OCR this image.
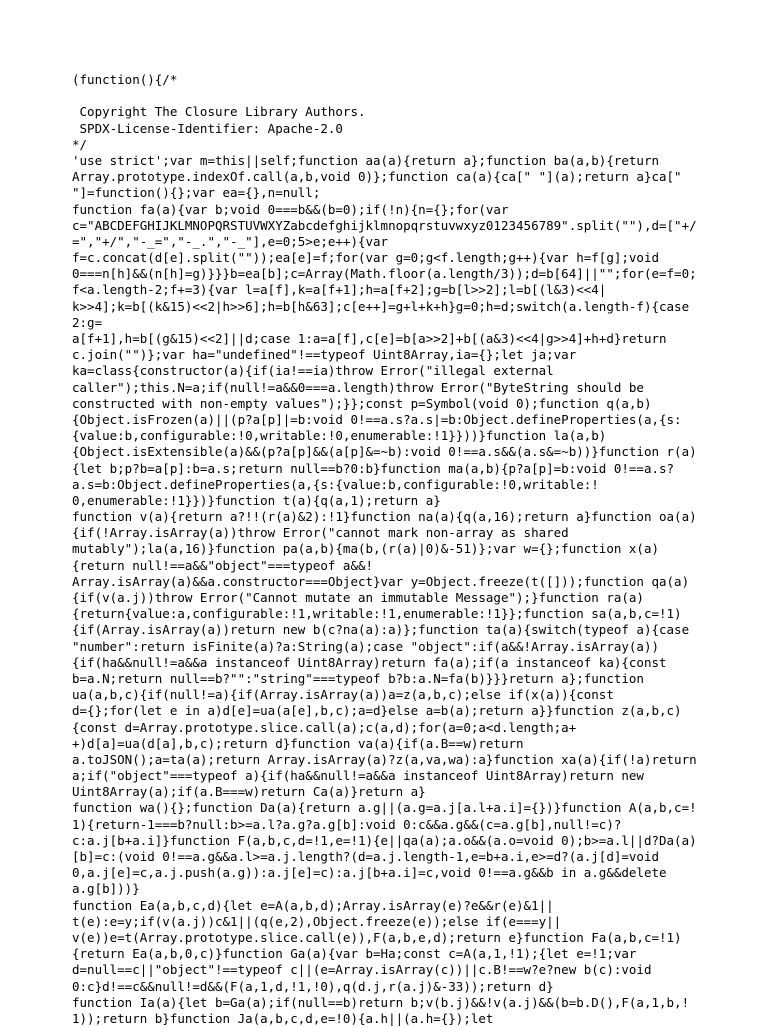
(function(){/*
Copyright The Closure Library Authors.
SPDX-License-Identifier: Apache-2.0
*/
'use strict';var m=this||self;function aa(a){return a};function ba(a,b){return
Array.prototype.indexOf.call(a,b,void 0)};function ca(a){ca[" "](a);return a}ca["
"]=function(){};var ea={},n=null;
function fa(a){var b;void 0===b&&(b=0);if(!n){n={};for(var
c="ABCDEFGHIJKLMNOPQRSTUVWXYZabcdefghijklmnopqrstuvwxyz0123456789".split(""),d=["+/
=","+/","-_=","-_.","-_"],e=0;5>e;e++){var
f=c.concat(d[e].split(""));ea[e]=f;for(var g=0;g<f.length;g++){var h=f[g];void
0===n[h]&&(n[h]=g)}}}b=ea[b];c=Array(Math.floor(a.length/3));d=b[64]||"";for(e=f=0;
f<a.length-2;f+=3){var l=a[f],k=a[f+1];h=a[f+2];g=b[l>>2];l=b[(l&3)<<4|
k>>4];k=b[(k&15)<<2|h>>6];h=b[h&63];c[e++]=g+l+k+h}g=0;h=d;switch(a.length-f){case
2:g=
a[f+1],h=b[(g&15)<<2]||d;case 1:a=a[f],c[e]=b[a>>2]+b[(a&3)<<4|g>>4]+h+d}return
c.join("")};var ha="undefined"!==typeof Uint8Array,ia={};let ja;var
ka=class{constructor(a){if(ia!==ia)throw Error("illegal external
caller");this.N=a;if(null!=a&&0===a.length)throw Error("ByteString should be
constructed with non-empty values");}};const p=Symbol(void 0);function q(a,b)
{Object.isFrozen(a)||(p?a[p]|=b:void 0!==a.s?a.s|=b:Object.defineProperties(a,{s:
{value:b,configurable:!0,writable:!0,enumerable:!1}}))}function la(a,b)
{Object.isExtensible(a)&&(p?a[p]&&(a[p]&=~b):void 0!==a.s&&(a.s&=~b))}function r(a)
{let b;p?b=a[p]:b=a.s;return null==b?0:b}function ma(a,b){p?a[p]=b:void 0!==a.s?
a.s=b:Object.defineProperties(a,{s:{value:b,configurable:!0,writable:!
0,enumerable:!1}})}function t(a){q(a,1);return a}
function v(a){return a?!!(r(a)&2):!1}function na(a){q(a,16);return a}function oa(a)
{if(!Array.isArray(a))throw Error("cannot mark non-array as shared
mutably");la(a,16)}function pa(a,b){ma(b,(r(a)|0)&-51)};var w={};function x(a)
{return null!==a&&"object"===typeof a&&!
Array.isArray(a)&&a.constructor===Object}var y=Object.freeze(t([]));function qa(a)
{if(v(a.j))throw Error("Cannot mutate an immutable Message");}function ra(a)
{return{value:a,configurable:!1,writable:!1,enumerable:!1}};function sa(a,b,c=!1)
{if(Array.isArray(a))return new b(c?na(a):a)};function ta(a){switch(typeof a){case
"number":return isFinite(a)?a:String(a);case "object":if(a&&!Array.isArray(a))
{if(ha&&null!=a&&a instanceof Uint8Array)return fa(a);if(a instanceof ka){const
b=a.N;return null==b?"":"string"===typeof b?b:a.N=fa(b)}}}return a};function
ua(a,b,c){if(null!=a){if(Array.isArray(a))a=z(a,b,c);else if(x(a)){const
d={};for(let e in a)d[e]=ua(a[e],b,c);a=d}else a=b(a);return a}}function z(a,b,c)
{const d=Array.prototype.slice.call(a);c(a,d);for(a=0;a<d.length;a+
+)d[a]=ua(d[a],b,c);return d}function va(a){if(a.B==w)return
a.toJSON();a=ta(a);return Array.isArray(a)?z(a,va,wa):a}function xa(a){if(!a)return
a;if("object"===typeof a){if(ha&&null!=a&&a instanceof Uint8Array)return new
Uint8Array(a);if(a.B===w)return Ca(a)}return a}
function wa(){};function Da(a){return a.g||(a.g=a.j[a.l+a.i]={})}function A(a,b,c=!
1){return-1===b?null:b>=a.l?a.g?a.g[b]:void 0:c&&a.g&&(c=a.g[b],null!=c)?
c:a.j[b+a.i]}function F(a,b,c,d=!1,e=!1){e||qa(a);a.o&&(a.o=void 0);b>=a.l||d?Da(a)
[b]=c:(void 0!==a.g&&a.l>=a.j.length?(d=a.j.length-1,e=b+a.i,e>=d?(a.j[d]=void
0,a.j[e]=c,a.j.push(a.g)):a.j[e]=c):a.j[b+a.i]=c,void 0!==a.g&&b in a.g&&delete
a.g[b]))}
function Ea(a,b,c,d){let e=A(a,b,d);Array.isArray(e)?e&&r(e)&1||
t(e):e=y;if(v(a.j))c&1||(q(e,2),Object.freeze(e));else if(e===y||
v(e))e=t(Array.prototype.slice.call(e)),F(a,b,e,d);return e}function Fa(a,b,c=!1)
{return Ea(a,b,0,c)}function Ga(a){var b=Ha;const c=A(a,1,!1);{let e=!1;var
d=null==c||"object"!==typeof c||(e=Array.isArray(c))||c.B!==w?e?new b(c):void
0:c}d!==c&&null!=d&&(F(a,1,d,!1,!0),q(d.j,r(a.j)&-33));return d}
function Ia(a){let b=Ga(a);if(null==b)return b;v(b.j)&&!v(a.j)&&(b=b.D(),F(a,1,b,!
1));return b}function Ja(a,b,c,d,e=!0){a.h||(a.h={});let
